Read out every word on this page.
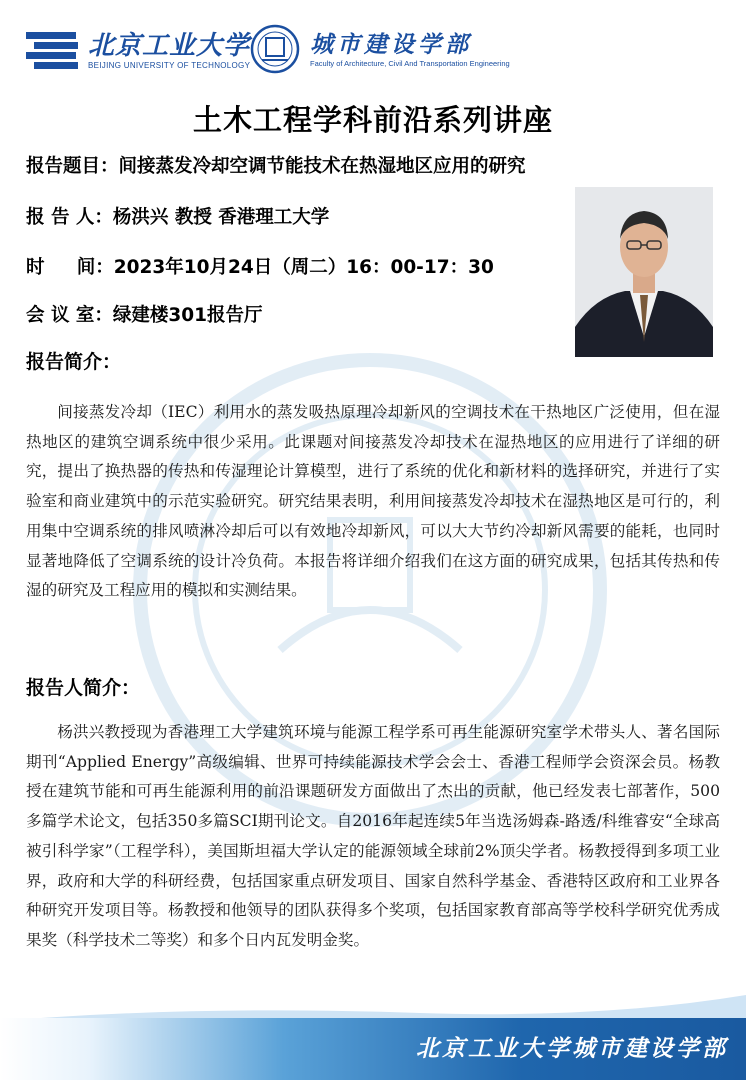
北京工业大学
BEIJING UNIVERSITY OF TECHNOLOGY
城市建设学部
Faculty of Architecture, Civil And Transportation Engineering
土木工程学科前沿系列讲座
报告题目：间接蒸发冷却空调节能技术在热湿地区应用的研究
报 告 人：杨洪兴 教授 香港理工大学
时     间：2023年10月24日（周二）16：00-17：30
会 议 室：绿建楼301报告厅
报告简介：
间接蒸发冷却（IEC）利用水的蒸发吸热原理冷却新风的空调技术在干热地区广泛使用，但在湿热地区的建筑空调系统中很少采用。此课题对间接蒸发冷却技术在湿热地区的应用进行了详细的研究，提出了换热器的传热和传湿理论计算模型，进行了系统的优化和新材料的选择研究，并进行了实验室和商业建筑中的示范实验研究。研究结果表明，利用间接蒸发冷却技术在湿热地区是可行的，利用集中空调系统的排风喷淋冷却后可以有效地冷却新风，可以大大节约冷却新风需要的能耗，也同时显著地降低了空调系统的设计冷负荷。本报告将详细介绍我们在这方面的研究成果，包括其传热和传湿的研究及工程应用的模拟和实测结果。
报告人简介：
杨洪兴教授现为香港理工大学建筑环境与能源工程学系可再生能源研究室学术带头人、著名国际期刊“Applied Energy”高级编辑、世界可持续能源技术学会会士、香港工程师学会资深会员。杨教授在建筑节能和可再生能源利用的前沿课题研发方面做出了杰出的贡献，他已经发表七部著作，500多篇学术论文，包括350多篇SCI期刊论文。自2016年起连续5年当选汤姆森-路透/科维睿安“全球高被引科学家”（工程学科），美国斯坦福大学认定的能源领域全球前2%顶尖学者。杨教授得到多项工业界，政府和大学的科研经费，包括国家重点研发项目、国家自然科学基金、香港特区政府和工业界各种研究开发项目等。杨教授和他领导的团队获得多个奖项，包括国家教育部高等学校科学研究优秀成果奖（科学技术二等奖）和多个日内瓦发明金奖。
北京工业大学城市建设学部
